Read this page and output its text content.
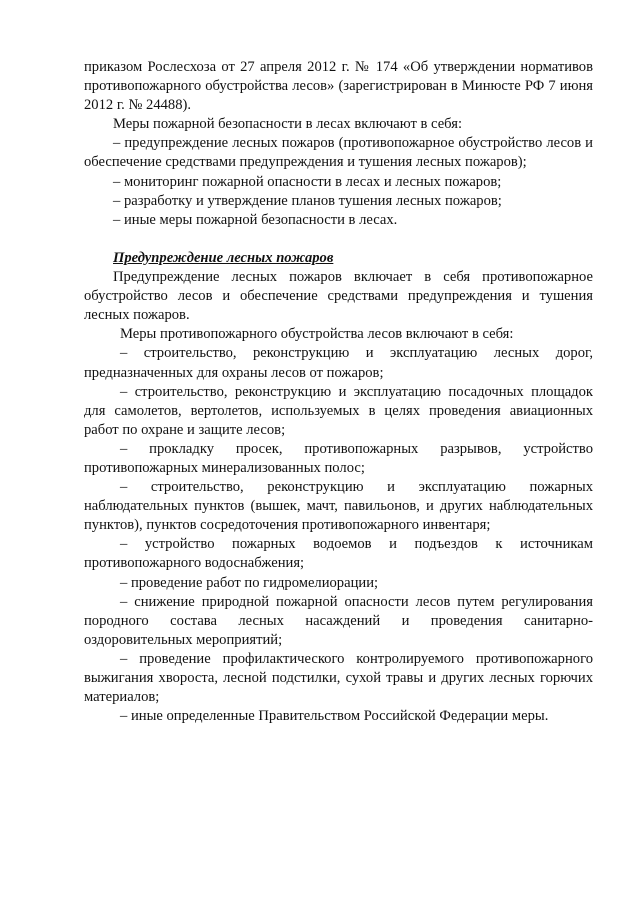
приказом Рослесхоза от 27 апреля 2012 г. № 174 «Об утверждении нормативов противопожарного обустройства лесов» (зарегистрирован в Минюсте РФ 7 июня 2012 г. № 24488).

Меры пожарной безопасности в лесах включают в себя:

– предупреждение лесных пожаров (противопожарное обустройство лесов и обеспечение средствами предупреждения и тушения лесных пожаров);

– мониторинг пожарной опасности в лесах и лесных пожаров;

– разработку и утверждение планов тушения лесных пожаров;

– иные меры пожарной безопасности в лесах.

Предупреждение лесных пожаров

Предупреждение лесных пожаров включает в себя противопожарное обустройство лесов и обеспечение средствами предупреждения и тушения лесных пожаров.

Меры противопожарного обустройства лесов включают в себя:

– строительство, реконструкцию и эксплуатацию лесных дорог, предназначенных для охраны лесов от пожаров;

– строительство, реконструкцию и эксплуатацию посадочных площадок для самолетов, вертолетов, используемых в целях проведения авиационных работ по охране и защите лесов;

– прокладку просек, противопожарных разрывов, устройство противопожарных минерализованных полос;

– строительство, реконструкцию и эксплуатацию пожарных наблюдательных пунктов (вышек, мачт, павильонов, и других наблюдательных пунктов), пунктов сосредоточения противопожарного инвентаря;

– устройство пожарных водоемов и подъездов к источникам противопожарного водоснабжения;

– проведение работ по гидромелиорации;

– снижение природной пожарной опасности лесов путем регулирования породного состава лесных насаждений и проведения санитарно-оздоровительных мероприятий;

– проведение профилактического контролируемого противопожарного выжигания хвороста, лесной подстилки, сухой травы и других лесных горючих материалов;

– иные определенные Правительством Российской Федерации меры.
